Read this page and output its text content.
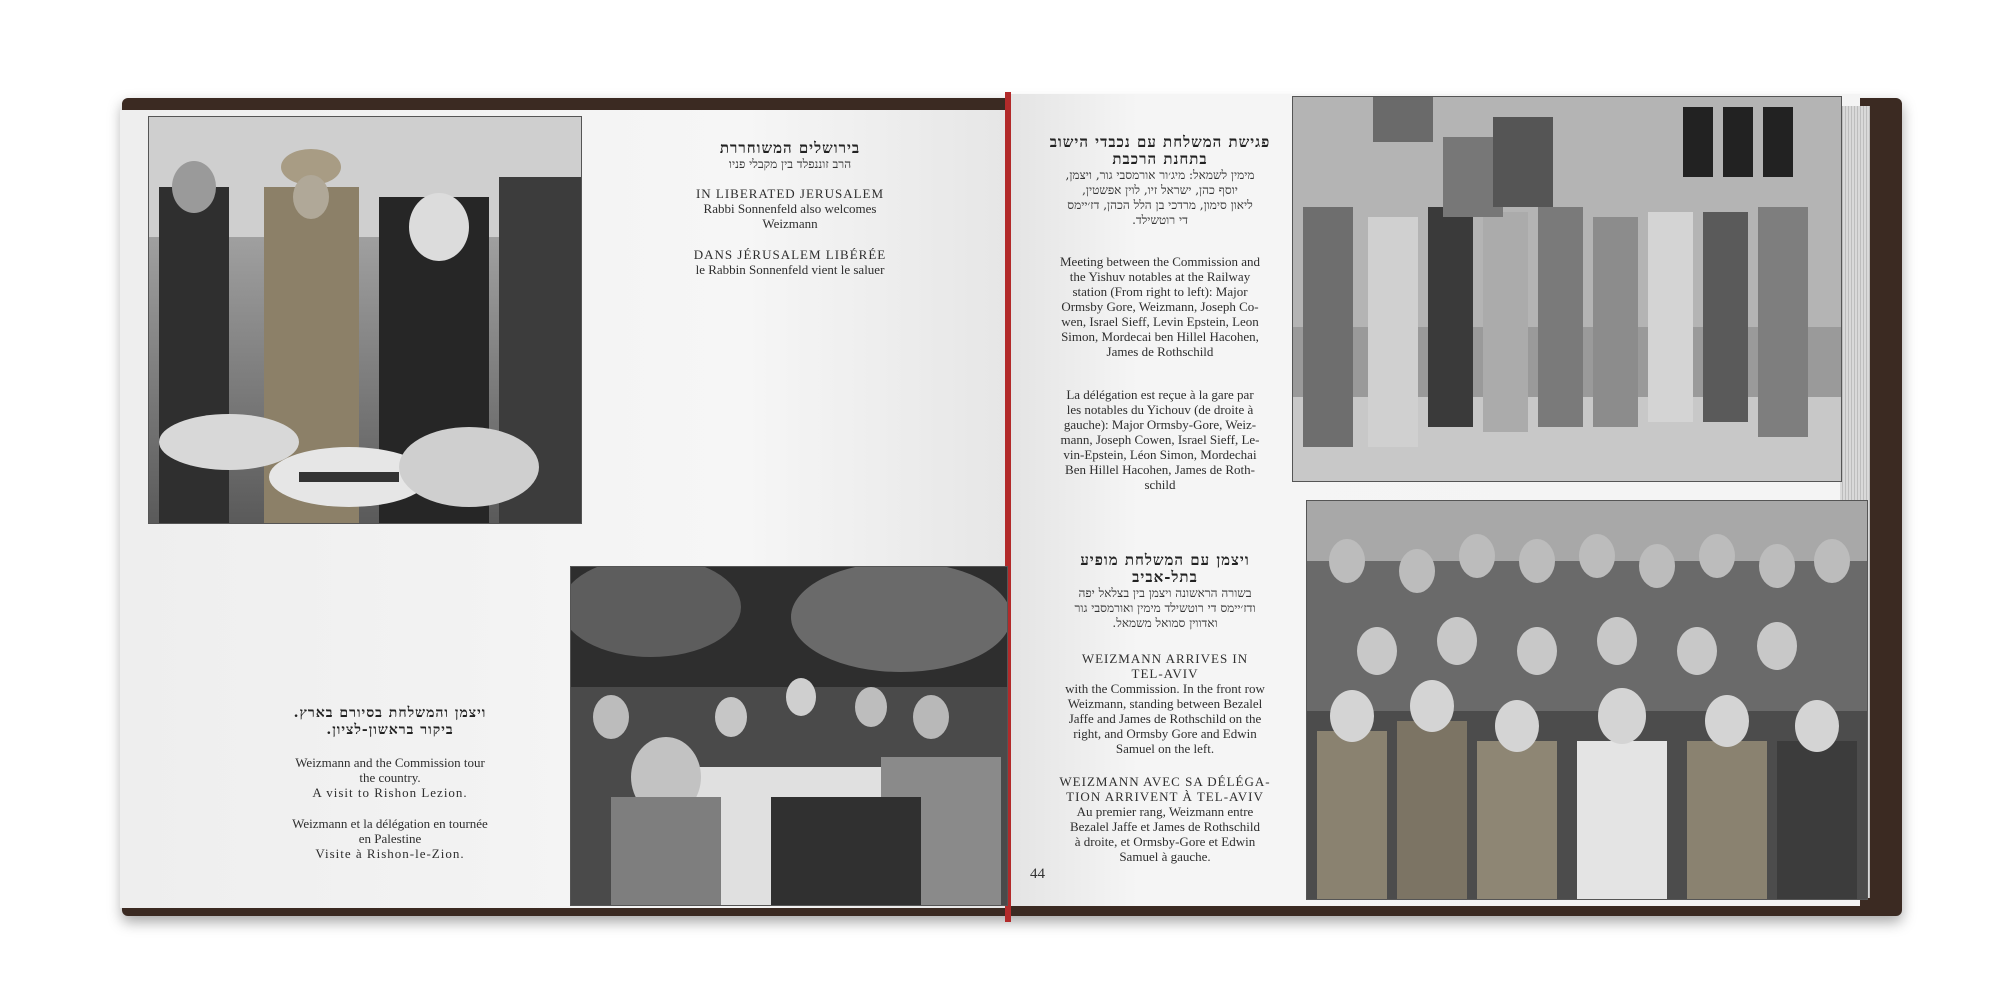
בירושלים המשוחררת

הרב זוננפלד בין מקבלי פניו

IN LIBERATED JERUSALEM

Rabbi Sonnenfeld also welcomes

Weizmann

DANS JÉRUSALEM LIBÉRÉE

le Rabbin Sonnenfeld vient le saluer

ויצמן והמשלחת בסיורם בארץ.

ביקור בראשון-לציון.

Weizmann and the Commission tour

the country.

A visit to Rishon Lezion.

Weizmann et la délégation en tournée

en Palestine

Visite à Rishon-le-Zion.

פגישת המשלחת עם נכבדי הישוב

בתחנת הרכבת

מימין לשמאל: מיג׳ור אורמסבי גור, ויצמן,

יוסף כהן, ישראל זיו, לוין אפשטין,

ליאון סימון, מרדכי בן הלל הכהן, דז׳יימס

די רוטשילד.

Meeting between the Commission and

the Yishuv notables at the Railway

station (From right to left): Major

Ormsby Gore, Weizmann, Joseph Co-

wen, Israel Sieff, Levin Epstein, Leon

Simon, Mordecai ben Hillel Hacohen,

James de Rothschild

La délégation est reçue à la gare par

les notables du Yichouv (de droite à

gauche): Major Ormsby-Gore, Weiz-

mann, Joseph Cowen, Israel Sieff, Le-

vin-Epstein, Léon Simon, Mordechai

Ben Hillel Hacohen, James de Roth-

schild

ויצמן עם המשלחת מופיע

בתל-אביב

בשורה הראשונה ויצמן בין בצלאל יפה

ודז׳יימס די רוטשילד מימין ואורמסבי גור

ואדווין סמואל משמאל.

WEIZMANN ARRIVES IN

TEL-AVIV

with the Commission. In the front row

Weizmann, standing between Bezalel

Jaffe and James de Rothschild on the

right, and Ormsby Gore and Edwin

Samuel on the left.

WEIZMANN AVEC SA DÉLÉGA-

TION ARRIVENT À TEL-AVIV

Au premier rang, Weizmann entre

Bezalel Jaffe et James de Rothschild

à droite, et Ormsby-Gore et Edwin

Samuel à gauche.

44
